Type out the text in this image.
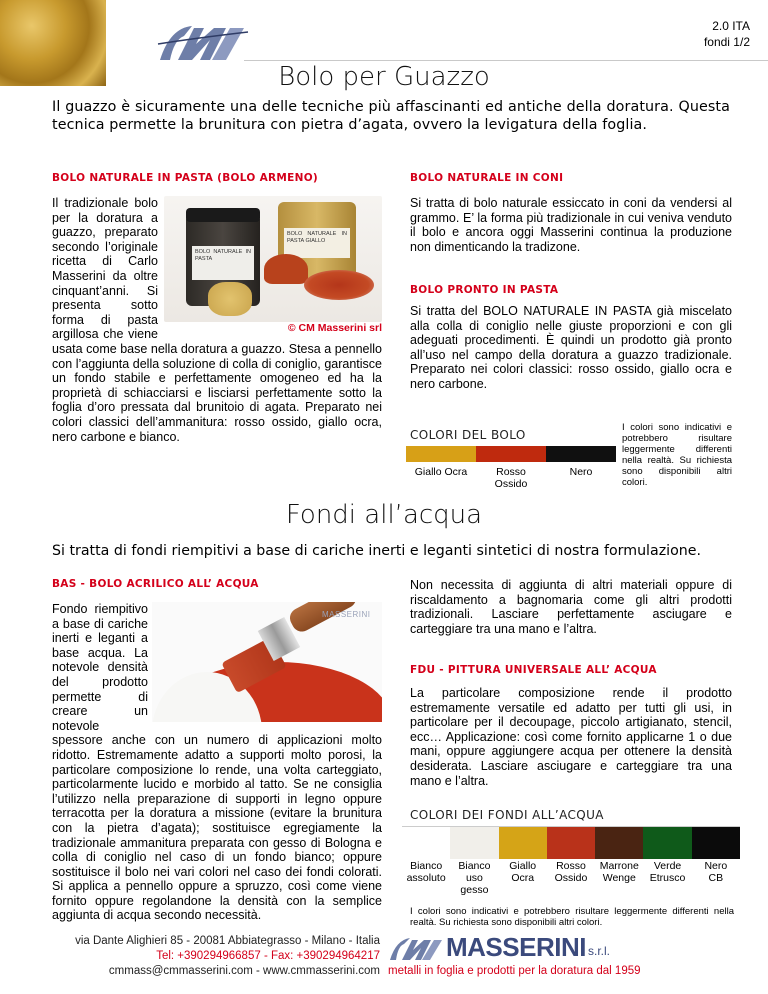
2.0 ITA
fondi 1/2
Bolo per Guazzo
Il guazzo è sicuramente una delle tecniche più affascinanti ed antiche della doratura. Questa tecnica permette la brunitura con pietra d’agata, ovvero la levigatura della foglia.
BOLO NATURALE IN PASTA (BOLO ARMENO)
BOLO NATURALE IN PASTA
BOLO NATURALE IN PASTA GIALLO
© CM Masserini srl
Il tradizionale bolo per la doratura a guazzo, preparato secondo l’originale ricetta di Carlo Masserini da oltre cinquant’anni. Si presenta sotto forma di pasta argillosa che viene usata come base nella doratura a guazzo. Stesa a pennello con l’aggiunta della soluzione di colla di coniglio, garantisce un fondo stabile e perfettamente omogeneo ed ha la proprietà di schiacciarsi e lisciarsi perfettamente sotto la foglia d’oro pressata dal brunitoio di agata. Preparato nei colori classici dell’ammanitura: rosso ossido, giallo ocra, nero carbone e bianco.
BOLO NATURALE IN CONI
Si tratta di bolo naturale essiccato in coni da vendersi al grammo. E’ la forma più tradizionale in cui veniva venduto il bolo e ancora oggi Masserini continua la produzione non dimenticando la tradizone.
BOLO PRONTO IN PASTA
Si tratta del BOLO NATURALE IN PASTA già miscelato alla colla di coniglio nelle giuste proporzioni e con gli adeguati procedimenti. È quindi un prodotto già pronto all’uso nel campo della doratura a guazzo tradizionale. Preparato nei colori classici: rosso ossido, giallo ocra e nero carbone.
COLORI DEL BOLO
Giallo Ocra	Rosso
Ossido
Nero
I colori sono indicativi e potrebbero risultare leggermente differenti nella realtà. Su richiesta sono disponibili altri colori.
Fondi all’acqua
Si tratta di fondi riempitivi a base di cariche inerti e leganti sintetici di nostra formulazione.
BAS - BOLO ACRILICO ALL’ ACQUA
MASSERINI
Fondo riempitivo a base di cariche inerti e leganti a base acqua. La notevole densità del prodotto permette di creare un notevole spessore anche con un numero di applicazioni molto ridotto. Estremamente adatto a supporti molto porosi, la particolare composizione lo rende, una volta carteggiato, particolarmente lucido e morbido al tatto. Se ne consiglia l’utilizzo nella preparazione di supporti in legno oppure terracotta per la doratura a missione (evitare la brunitura con la pietra d’agata); sostituisce egregiamente la tradizionale ammanitura preparata con gesso di Bologna e colla di coniglio nel caso di un fondo bianco; oppure sostituisce il bolo nei vari colori nel caso dei fondi colorati. Si applica a pennello oppure a spruzzo, così come viene fornito oppure regolandone la densità con la semplice aggiunta di acqua secondo necessità.
Non necessita di aggiunta di altri materiali oppure di riscaldamento a bagnomaria come gli altri prodotti tradizionali. Lasciare perfettamente asciugare e carteggiare tra una mano e l’altra.
FDU - PITTURA UNIVERSALE ALL’ ACQUA
La particolare composizione rende il prodotto estremamente versatile ed adatto per tutti gli usi, in particolare per il decoupage, piccolo artigianato, stencil, ecc… Applicazione: così come fornito applicarne 1 o due mani, oppure aggiungere acqua per ottenere la densità desiderata. Lasciare asciugare e carteggiare tra una mano e l’altra.
COLORI DEI FONDI ALL’ACQUA
Bianco
assoluto
Bianco
uso
gesso
Giallo
Ocra
Rosso
Ossido
Marrone
Wenge
Verde
Etrusco
Nero
CB
I colori sono indicativi e potrebbero risultare leggermente differenti nella realtà. Su richiesta sono disponibili altri colori.
via Dante Alighieri 85 - 20081 Abbiategrasso - Milano - Italia
Tel: +390294966857 - Fax: +390294964217
cmmass@cmmasserini.com - www.cmmasserini.com
MASSERINI s.r.l.
metalli in foglia e prodotti per la doratura dal 1959
